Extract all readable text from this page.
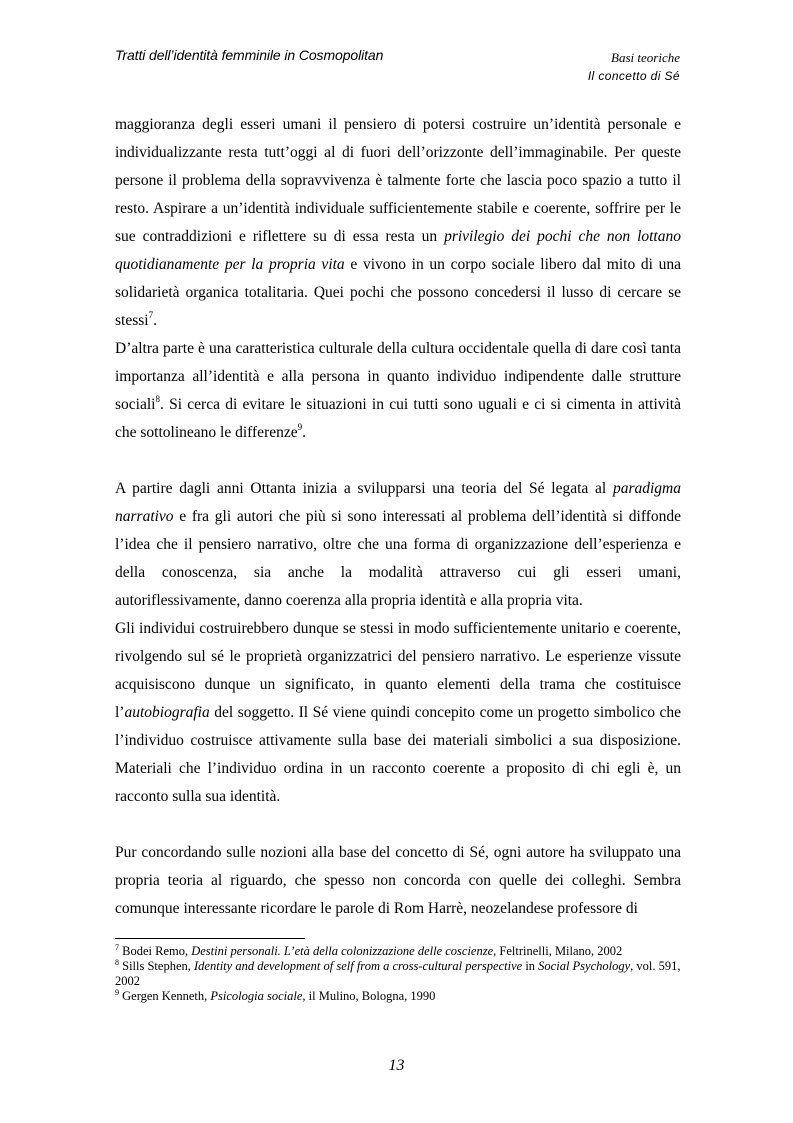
Tratti dell’identità femminile in Cosmopolitan	Basi teoriche
Il concetto di Sé

maggioranza degli esseri umani il pensiero di potersi costruire un’identità personale e individualizzante resta tutt’oggi al di fuori dell’orizzonte dell’immaginabile. Per queste persone il problema della sopravvivenza è talmente forte che lascia poco spazio a tutto il resto. Aspirare a un’identità individuale sufficientemente stabile e coerente, soffrire per le sue contraddizioni e riflettere su di essa resta un privilegio dei pochi che non lottano quotidianamente per la propria vita e vivono in un corpo sociale libero dal mito di una solidarietà organica totalitaria. Quei pochi che possono concedersi il lusso di cercare se stessi$^7$.

D’altra parte è una caratteristica culturale della cultura occidentale quella di dare così tanta importanza all’identità e alla persona in quanto individuo indipendente dalle strutture sociali$^8$. Si cerca di evitare le situazioni in cui tutti sono uguali e ci si cimenta in attività che sottolineano le differenze$^9$.

A partire dagli anni Ottanta inizia a svilupparsi una teoria del Sé legata al paradigma narrativo e fra gli autori che più si sono interessati al problema dell’identità si diffonde l’idea che il pensiero narrativo, oltre che una forma di organizzazione dell’esperienza e della conoscenza, sia anche la modalità attraverso cui gli esseri umani, autoriflessivamente, danno coerenza alla propria identità e alla propria vita.

Gli individui costruirebbero dunque se stessi in modo sufficientemente unitario e coerente, rivolgendo sul sé le proprietà organizzatrici del pensiero narrativo. Le esperienze vissute acquisiscono dunque un significato, in quanto elementi della trama che costituisce l’autobiografia del soggetto. Il Sé viene quindi concepito come un progetto simbolico che l’individuo costruisce attivamente sulla base dei materiali simbolici a sua disposizione. Materiali che l’individuo ordina in un racconto coerente a proposito di chi egli è, un racconto sulla sua identità.

Pur concordando sulle nozioni alla base del concetto di Sé, ogni autore ha sviluppato una propria teoria al riguardo, che spesso non concorda con quelle dei colleghi. Sembra comunque interessante ricordare le parole di Rom Harrè, neozelandese professore di

$^7$ Bodei Remo, Destini personali. L’età della colonizzazione delle coscienze, Feltrinelli, Milano, 2002

$^8$ Sills Stephen, Identity and development of self from a cross-cultural perspective in Social Psychology, vol. 591, 2002

$^9$ Gergen Kenneth, Psicologia sociale, il Mulino, Bologna, 1990

13
